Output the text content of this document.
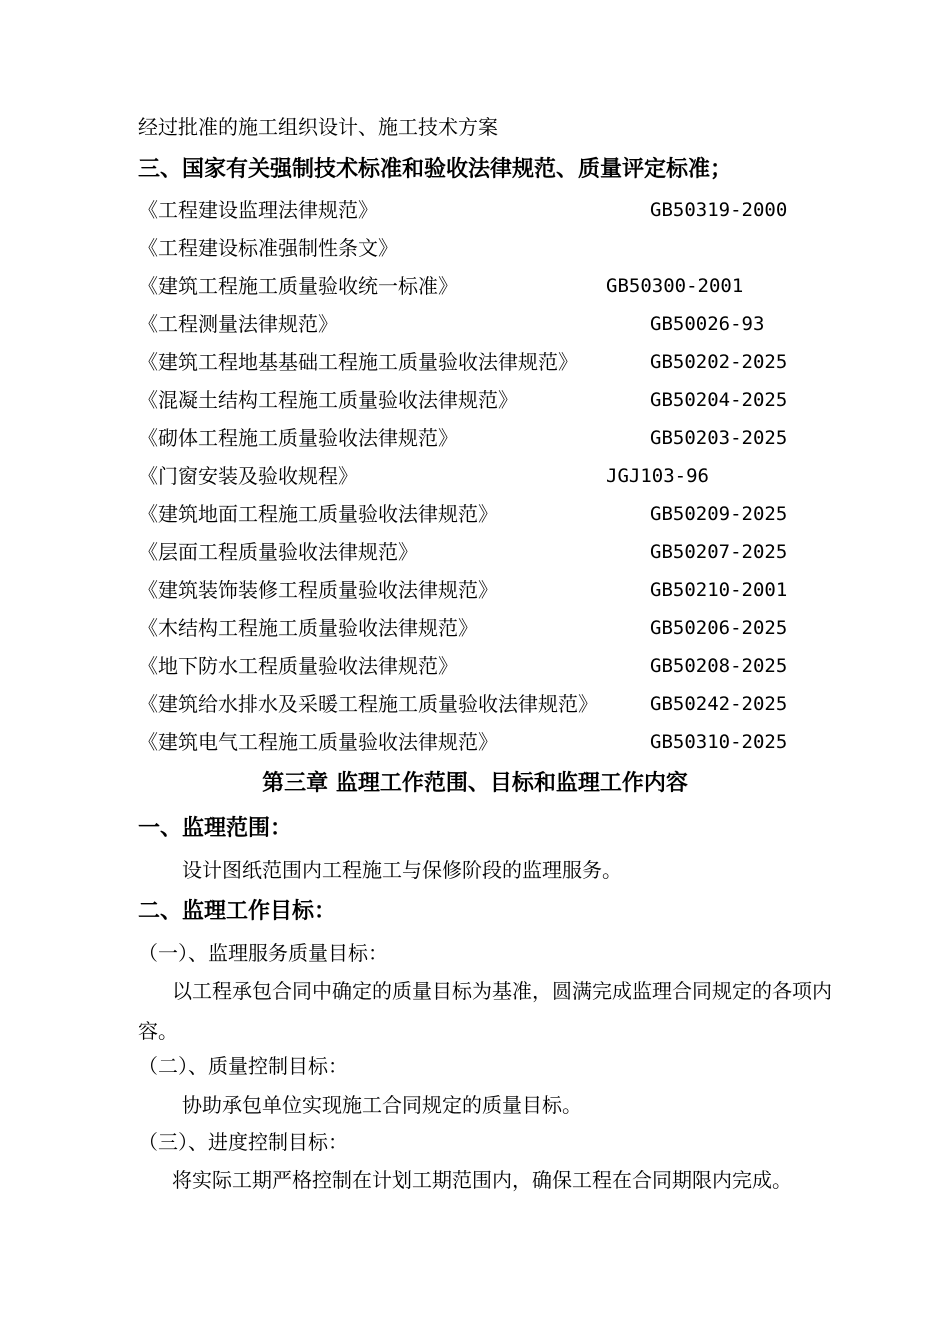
经过批准的施工组织设计、施工技术方案
三、国家有关强制技术标准和验收法律规范、质量评定标准；
《工程建设监理法律规范》	GB50319-2000
《工程建设标准强制性条文》
《建筑工程施工质量验收统一标准》	GB50300-2001
《工程测量法律规范》	GB50026-93
《建筑工程地基基础工程施工质量验收法律规范》	GB50202-2025
《混凝土结构工程施工质量验收法律规范》	GB50204-2025
《砌体工程施工质量验收法律规范》	GB50203-2025
《门窗安装及验收规程》	JGJ103-96
《建筑地面工程施工质量验收法律规范》	GB50209-2025
《层面工程质量验收法律规范》	GB50207-2025
《建筑装饰装修工程质量验收法律规范》	GB50210-2001
《木结构工程施工质量验收法律规范》	GB50206-2025
《地下防水工程质量验收法律规范》	GB50208-2025
《建筑给水排水及采暖工程施工质量验收法律规范》	GB50242-2025
《建筑电气工程施工质量验收法律规范》	GB50310-2025
第三章 监理工作范围、目标和监理工作内容
一、监理范围：
设计图纸范围内工程施工与保修阶段的监理服务。
二、监理工作目标：
（一）、监理服务质量目标：
以工程承包合同中确定的质量目标为基准，圆满完成监理合同规定的各项内容。
（二）、质量控制目标：
协助承包单位实现施工合同规定的质量目标。
（三）、进度控制目标：
将实际工期严格控制在计划工期范围内，确保工程在合同期限内完成。
